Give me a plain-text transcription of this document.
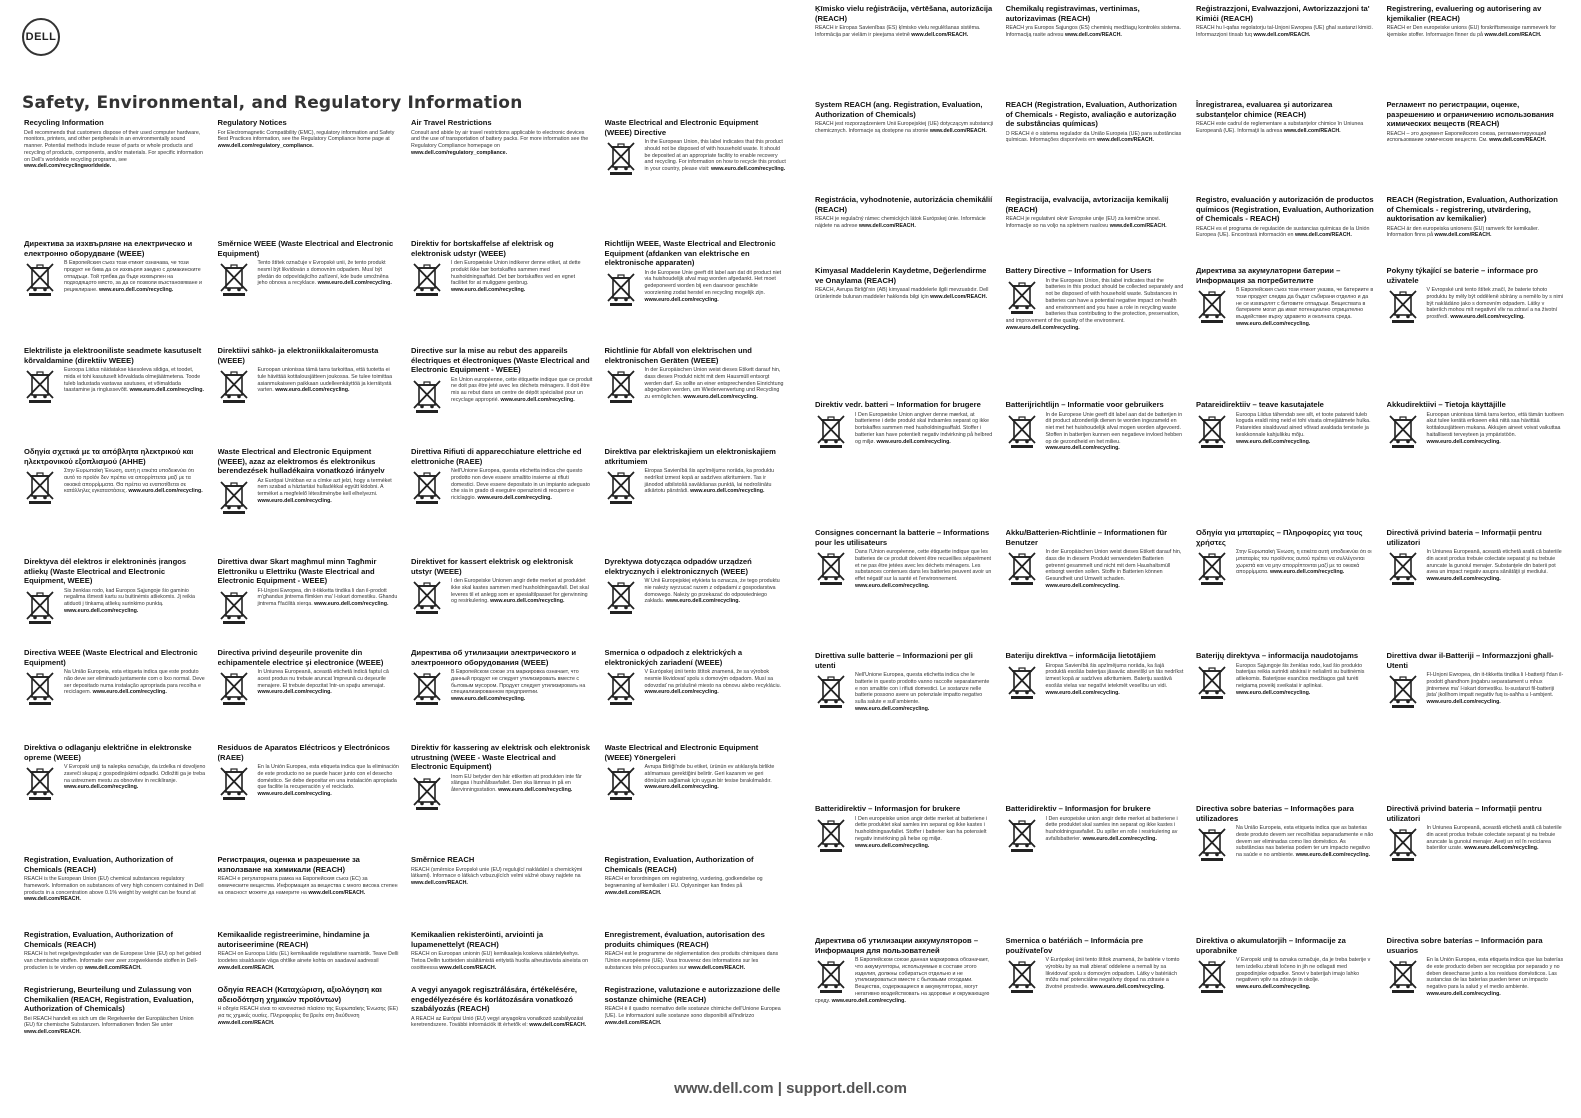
DELL
Safety, Environmental, and Regulatory Information
Recycling Information

Dell recommends that customers dispose of their used computer hardware, monitors, printers, and other peripherals in an environmentally sound manner. Potential methods include reuse of parts or whole products and recycling of products, components, and/or materials. For specific information on Dell's worldwide recycling programs, see www.dell.com/recyclingworldwide.

Regulatory Notices

For Electromagnetic Compatibility (EMC), regulatory information and Safety Best Practices information, see the Regulatory Compliance home page at www.dell.com/regulatory_compliance.

Air Travel Restrictions

Consult and abide by air travel restrictions applicable to electronic devices and the use of transportation of battery packs. For more information see the Regulatory Compliance homepage on www.dell.com/regulatory_compliance.

Waste Electrical and Electronic Equipment (WEEE) Directive

In the European Union, this label indicates that this product should not be disposed of with household waste. It should be deposited at an appropriate facility to enable recovery and recycling. For information on how to recycle this product in your country, please visit: www.euro.dell.com/recycling.

Директива за изхвърляне на електрическо и електронно оборудване (WEEE)

В Европейския съюз този етикет означава, че този продукт не бива да се изхвърля заедно с домакинските отпадъци. Той трябва да бъде изхвърлен на подходящото място, за да се позволи възстановяване и рециклиране. www.euro.dell.com/recycling.

Směrnice WEEE (Waste Electrical and Electronic Equipment)

Tento štítek označuje v Evropské unii, že tento produkt nesmí být likvidován s domovním odpadem. Musí být předán do odpovídajícího zařízení, kde bude umožněna jeho obnova a recyklace. www.euro.dell.com/recycling.

Direktiv for bortskaffelse af elektrisk og elektronisk udstyr (WEEE)

I den Europæiske Union indikerer denne etiket, at dette produkt ikke bør bortskaffes sammen med husholdningsaffald. Det bør bortskaffes ved en egnet facilitet for at muliggøre genbrug. www.euro.dell.com/recycling.

Richtlijn WEEE, Waste Electrical and Electronic Equipment (afdanken van elektrische en elektronische apparaten)

In de Europese Unie geeft dit label aan dat dit product niet via huishoudelijk afval mag worden afgedankt. Het moet gedeponeerd worden bij een daarvoor geschikte voorziening zodat herstel en recycling mogelijk zijn. www.euro.dell.com/recycling.

Elektriliste ja elektrooniliste seadmete kasutuselt kõrvaldamine (direktiiv WEEE)

Euroopa Liidus näidatakse käesoleva sildiga, et toodet, mida ei tohi kasutuselt kõrvaldada olmejäätmetena. Toode tuleb ladustada vastavas asutuses, et võimaldada taastamine ja ringlussevõtt. www.euro.dell.com/recycling.

Direktiivi sähkö- ja elektroniikkalaiteromusta (WEEE)

Euroopan unionissa tämä tarra tarkoittaa, että tuotetta ei tule hävittää kotitalousjätteen joukossa. Se tulee toimittaa asianmukaiseen paikkaan uudelleenkäyttöä ja kierrätystä varten. www.euro.dell.com/recycling.

Directive sur la mise au rebut des appareils électriques et électroniques (Waste Electrical and Electronic Equipment - WEEE)

En Union européenne, cette étiquette indique que ce produit ne doit pas être jeté avec les déchets ménagers. Il doit être mis au rebut dans un centre de dépôt spécialisé pour un recyclage approprié. www.euro.dell.com/recycling.

Richtlinie für Abfall von elektrischen und elektronischen Geräten (WEEE)

In der Europäischen Union weist dieses Etikett darauf hin, dass dieses Produkt nicht mit dem Hausmüll entsorgt werden darf. Es sollte an einer entsprechenden Einrichtung abgegeben werden, um Wiederverwertung und Recycling zu ermöglichen. www.euro.dell.com/recycling.

Οδηγία σχετικά με τα απόβλητα ηλεκτρικού και ηλεκτρονικού εξοπλισμού (ΑΗΗΕ)

Στην Ευρωπαϊκή Ένωση, αυτή η ετικέτα υποδεικνύει ότι αυτό το προϊόν δεν πρέπει να απορρίπτεται μαζί με τα οικιακά απορρίμματα. Θα πρέπει να εναποτίθεται σε κατάλληλες εγκαταστάσεις. www.euro.dell.com/recycling.

Waste Electrical and Electronic Equipment (WEEE), azaz az elektromos és elektronikus berendezések hulladékaira vonatkozó irányelv

Az Európai Unióban ez a címke azt jelzi, hogy a terméket nem szabad a háztartási hulladékkal együtt kidobni. A terméket a megfelelő létesítménybe kell elhelyezni. www.euro.dell.com/recycling.

Direttiva Rifiuti di apparecchiature elettriche ed elettroniche (RAEE)

Nell'Unione Europea, questa etichetta indica che questo prodotto non deve essere smaltito insieme ai rifiuti domestici. Deve essere depositato in un impianto adeguato che sia in grado di eseguire operazioni di recupero e riciclaggio. www.euro.dell.com/recycling.

Direktīva par elektriskajiem un elektroniskajiem atkritumiem

Eiropas Savienībā šis apzīmējums norāda, ka produktu nedrīkst izmest kopā ar sadzīves atkritumiem. Tas ir jānodod atbilstošā savākšanas punktā, lai nodrošinātu atkārtotu pārstrādi. www.euro.dell.com/recycling.

Direktyva dėl elektros ir elektroninės įrangos atliekų (Waste Electrical and Electronic Equipment, WEEE)

Šis ženklas rodo, kad Europos Sąjungoje šio gaminio negalima išmesti kartu su buitinėmis atliekomis. Jį reikia atiduoti į tinkamą atliekų surinkimo punktą. www.euro.dell.com/recycling.

Direttiva dwar Skart magħmul minn Tagħmir Elettroniku u Elettriku (Waste Electrical and Electronic Equipment - WEEE)

Fl-Unjoni Ewropea, din it-tikketta tindika li dan il-prodott m'għandux jintrema flimkien ma' l-iskart domestiku. Għandu jintrema f'faċilità xierqa. www.euro.dell.com/recycling.

Direktivet for kassert elektrisk og elektronisk utstyr (WEEE)

I den Europeiske Unionen angir dette merket at produktet ikke skal kastes sammen med husholdningsavfall. Det skal leveres til et anlegg som er spesialtilpasset for gjenvinning og resirkulering. www.euro.dell.com/recycling.

Dyrektywa dotycząca odpadów urządzeń elektrycznych i elektronicznych (WEEE)

W Unii Europejskiej etykieta ta oznacza, że tego produktu nie należy wyrzucać razem z odpadami z gospodarstwa domowego. Należy go przekazać do odpowiedniego zakładu. www.euro.dell.com/recycling.

Directiva WEEE (Waste Electrical and Electronic Equipment)

Na União Europeia, esta etiqueta indica que este produto não deve ser eliminado juntamente com o lixo normal. Deve ser depositado numa instalação apropriada para recolha e reciclagem. www.euro.dell.com/recycling.

Directiva privind deşeurile provenite din echipamentele electrice şi electronice (WEEE)

În Uniunea Europeană, această etichetă indică faptul că acest produs nu trebuie aruncat împreună cu deşeurile menajere. El trebuie depozitat într-un spaţiu amenajat. www.euro.dell.com/recycling.

Директива об утилизации электрического и электронного оборудования (WEEE)

В Европейском союзе эта маркировка означает, что данный продукт не следует утилизировать вместе с бытовым мусором. Продукт следует утилизировать на специализированном предприятии. www.euro.dell.com/recycling.

Smernica o odpadoch z elektrických a elektronických zariadení (WEEE)

V Európskej únii tento štítok znamená, že sa výrobok nesmie likvidovať spolu s domovým odpadom. Musí sa odovzdať na príslušné miesto na obnovu alebo recykláciu. www.euro.dell.com/recycling.

Direktiva o odlaganju električne in elektronske opreme (WEEE)

V Evropski uniji ta nalepka označuje, da izdelka ni dovoljeno zavreči skupaj z gospodinjskimi odpadki. Odložiti ga je treba na ustreznem mestu za obnovitev in recikliranje. www.euro.dell.com/recycling.

Residuos de Aparatos Eléctricos y Electrónicos (RAEE)

En la Unión Europea, esta etiqueta indica que la eliminación de este producto no se puede hacer junto con el desecho doméstico. Se debe depositar en una instalación apropiada que facilite la recuperación y el reciclado. www.euro.dell.com/recycling.

Direktiv för kassering av elektrisk och elektronisk utrustning (WEEE - Waste Electrical and Electronic Equipment)

Inom EU betyder den här etiketten att produkten inte får slängas i hushållsavfallet. Den ska lämnas in på en återvinningsstation. www.euro.dell.com/recycling.

Waste Electrical and Electronic Equipment (WEEE) Yönergeleri

Avrupa Birliği'nde bu etiket, ürünün ev atıklarıyla birlikte atılmaması gerektiğini belirtir. Geri kazanım ve geri dönüşüm sağlamak için uygun bir tesise bırakılmalıdır. www.euro.dell.com/recycling.

Registration, Evaluation, Authorization of Chemicals (REACH)

REACH is the European Union (EU) chemical substances regulatory framework. Information on substances of very high concern contained in Dell products in a concentration above 0.1% weight by weight can be found at www.dell.com/REACH.

Регистрация, оценка и разрешение за използване на химикали (REACH)

REACH е регулаторната рамка на Европейския съюз (ЕС) за химическите вещества. Информация за вещества с много висока степен на опасност можете да намерите на www.dell.com/REACH.

Směrnice REACH

REACH (směrnice Evropské unie (EU) regulující nakládání s chemickými látkami). Informace o látkách vzbuzujících velmi vážné obavy najdete na www.dell.com/REACH.

Registration, Evaluation, Authorization of Chemicals (REACH)

REACH er forordningen om registrering, vurdering, godkendelse og begrænsning af kemikalier i EU. Oplysninger kan findes på www.dell.com/REACH.

Registration, Evaluation, Authorization of Chemicals (REACH)

REACH is het regelgevingskader van de Europese Unie (EU) op het gebied van chemische stoffen. Informatie over zeer zorgwekkende stoffen in Dell-producten is te vinden op www.dell.com/REACH.

Kemikaalide registreerimine, hindamine ja autoriseerimine (REACH)

REACH on Euroopa Liidu (EL) kemikaalide regulatiivne raamistik. Teave Delli toodetes sisalduvate väga ohtlike ainete kohta on saadaval aadressil www.dell.com/REACH.

Kemikaalien rekisteröinti, arviointi ja lupamenettelyt (REACH)

REACH on Euroopan unionin (EU) kemikaaleja koskeva sääntelykehys. Tietoa Dellin tuotteiden sisältämistä erityistä huolta aiheuttavista aineista on osoitteessa www.dell.com/REACH.

Enregistrement, évaluation, autorisation des produits chimiques (REACH)

REACH est le programme de réglementation des produits chimiques dans l'Union européenne (UE). Vous trouverez des informations sur les substances très préoccupantes sur www.dell.com/REACH.

Registrierung, Beurteilung und Zulassung von Chemikalien (REACH, Registration, Evaluation, Authorization of Chemicals)

Bei REACH handelt es sich um die Regelwerke der Europäischen Union (EU) für chemische Substanzen. Informationen finden Sie unter www.dell.com/REACH.

Οδηγία REACH (Καταχώριση, αξιολόγηση και αδειοδότηση χημικών προϊόντων)

Η οδηγία REACH είναι το κανονιστικό πλαίσιο της Ευρωπαϊκής Ένωσης (ΕΕ) για τις χημικές ουσίες. Πληροφορίες θα βρείτε στη διεύθυνση www.dell.com/REACH.

A vegyi anyagok regisztrálására, értékelésére, engedélyezésére és korlátozására vonatkozó szabályozás (REACH)

A REACH az Európai Unió (EU) vegyi anyagokra vonatkozó szabályozási keretrendszere. További információk itt érhetők el: www.dell.com/REACH.

Registrazione, valutazione e autorizzazione delle sostanze chimiche (REACH)

REACH è il quadro normativo delle sostanze chimiche dell'Unione Europea (UE). Le informazioni sulle sostanze sono disponibili all'indirizzo www.dell.com/REACH.

Ķīmisko vielu reģistrācija, vērtēšana, autorizācija (REACH)

REACH ir Eiropas Savienības (ES) ķīmisko vielu regulēšanas sistēma. Informācija par vielām ir pieejama vietnē www.dell.com/REACH.

Chemikalų registravimas, vertinimas, autorizavimas (REACH)

REACH yra Europos Sąjungos (ES) cheminių medžiagų kontrolės sistema. Informaciją rasite adresu www.dell.com/REACH.

Reġistrazzjoni, Evalwazzjoni, Awtorizzazzjoni ta' Kimiċi (REACH)

REACH hu l-qafas regolatorju tal-Unjoni Ewropea (UE) għal sustanzi kimiċi. Informazzjoni tinsab fuq www.dell.com/REACH.

Registrering, evaluering og autorisering av kjemikalier (REACH)

REACH er Den europeiske unions (EU) forskriftsmessige rammeverk for kjemiske stoffer. Informasjon finner du på www.dell.com/REACH.

System REACH (ang. Registration, Evaluation, Authorization of Chemicals)

REACH jest rozporządzeniem Unii Europejskiej (UE) dotyczącym substancji chemicznych. Informacje są dostępne na stronie www.dell.com/REACH.

REACH (Registration, Evaluation, Authorization of Chemicals - Registo, avaliação e autorização de substâncias químicas)

O REACH é o sistema regulador da União Europeia (UE) para substâncias químicas. Informações disponíveis em www.dell.com/REACH.

Înregistrarea, evaluarea şi autorizarea substanţelor chimice (REACH)

REACH este cadrul de reglementare a substanţelor chimice în Uniunea Europeană (UE). Informaţii la adresa www.dell.com/REACH.

Регламент по регистрации, оценке, разрешению и ограничению использования химических веществ (REACH)

REACH – это документ Европейского союза, регламентирующий использование химических веществ. См. www.dell.com/REACH.

Registrácia, vyhodnotenie, autorizácia chemikálií (REACH)

REACH je regulačný rámec chemických látok Európskej únie. Informácie nájdete na adrese www.dell.com/REACH.

Registracija, evalvacija, avtorizacija kemikalij (REACH)

REACH je regulativni okvir Evropske unije (EU) za kemične snovi. Informacije so na voljo na spletnem naslovu www.dell.com/REACH.

Registro, evaluación y autorización de productos químicos (Registration, Evaluation, Authorization of Chemicals - REACH)

REACH es el programa de regulación de sustancias químicas de la Unión Europea (UE). Encontrará información en www.dell.com/REACH.

REACH (Registration, Evaluation, Authorization of Chemicals - registrering, utvärdering, auktorisation av kemikalier)

REACH är den europeiska unionens (EU) ramverk för kemikalier. Information finns på www.dell.com/REACH.

Kimyasal Maddelerin Kaydetme, Değerlendirme ve Onaylama (REACH)

REACH, Avrupa Birliği'nin (AB) kimyasal maddelerle ilgili mevzuatıdır. Dell ürünlerinde bulunan maddeler hakkında bilgi için www.dell.com/REACH.

Battery Directive – Information for Users

In the European Union, this label indicates that the batteries in this product should be collected separately and not be disposed of with household waste. Substances in batteries can have a potential negative impact on health and environment and you have a role in recycling waste batteries thus contributing to the protection, preservation, and improvement of the quality of the environment. www.euro.dell.com/recycling.

Директива за акумулаторни батерии – Информация за потребителите

В Европейския съюз този етикет указва, че батериите в този продукт следва да бъдат събирани отделно и да не се изхвърлят с битовите отпадъци. Веществата в батериите могат да имат потенциално отрицателно въздействие върху здравето и околната среда. www.euro.dell.com/recycling.

Pokyny týkající se baterie – informace pro uživatele

V Evropské unii tento štítek značí, že baterie tohoto produktu by měly být odděleně sbírány a nemělo by s nimi být nakládáno jako s domovním odpadem. Látky v bateriích mohou mít negativní vliv na zdraví a na životní prostředí. www.euro.dell.com/recycling.

Direktiv vedr. batteri – Information for brugere

I Den Europæiske Union angiver denne mærkat, at batterierne i dette produkt skal indsamles separat og ikke bortskaffes sammen med husholdningsaffald. Stoffer i batterier kan have potentielt negativ indvirkning på helbred og miljø. www.euro.dell.com/recycling.

Batterijrichtlijn – Informatie voor gebruikers

In de Europese Unie geeft dit label aan dat de batterijen in dit product afzonderlijk dienen te worden ingezameld en niet met het huishoudelijk afval mogen worden afgevoerd. Stoffen in batterijen kunnen een negatieve invloed hebben op de gezondheid en het milieu. www.euro.dell.com/recycling.

Patareidirektiiv – teave kasutajatele

Euroopa Liidus tähendab see silt, et toote patareid tuleb koguda eraldi ning neid ei tohi visata olmejäätmete hulka. Patareides sisalduvad ained võivad avaldada tervisele ja keskkonnale kahjulikku mõju. www.euro.dell.com/recycling.

Akkudirektiivi – Tietoja käyttäjille

Euroopan unionissa tämä tarra kertoo, että tämän tuotteen akut tulee kerätä erikseen eikä niitä saa hävittää kotitalousjätteen mukana. Akkujen aineet voivat vaikuttaa haitallisesti terveyteen ja ympäristöön. www.euro.dell.com/recycling.

Consignes concernant la batterie – Informations pour les utilisateurs

Dans l'Union européenne, cette étiquette indique que les batteries de ce produit doivent être recueillies séparément et ne pas être jetées avec les déchets ménagers. Les substances contenues dans les batteries peuvent avoir un effet négatif sur la santé et l'environnement. www.euro.dell.com/recycling.

Akku/Batterien-Richtlinie – Informationen für Benutzer

In der Europäischen Union weist dieses Etikett darauf hin, dass die in diesem Produkt verwendeten Batterien getrennt gesammelt und nicht mit dem Haushaltsmüll entsorgt werden sollen. Stoffe in Batterien können Gesundheit und Umwelt schaden. www.euro.dell.com/recycling.

Οδηγία για μπαταρίες – Πληροφορίες για τους χρήστες

Στην Ευρωπαϊκή Ένωση, η ετικέτα αυτή υποδεικνύει ότι οι μπαταρίες του προϊόντος αυτού πρέπει να συλλέγονται χωριστά και να μην απορρίπτονται μαζί με τα οικιακά απορρίμματα. www.euro.dell.com/recycling.

Directivă privind bateria – Informaţii pentru utilizatori

În Uniunea Europeană, această etichetă arată că bateriile din acest produs trebuie colectate separat şi nu trebuie aruncate la gunoiul menajer. Substanţele din baterii pot avea un impact negativ asupra sănătăţii şi mediului. www.euro.dell.com/recycling.

Direttiva sulle batterie – Informazioni per gli utenti

Nell'Unione Europea, questa etichetta indica che le batterie in questo prodotto vanno raccolte separatamente e non smaltite con i rifiuti domestici. Le sostanze nelle batterie possono avere un potenziale impatto negativo sulla salute e sull'ambiente. www.euro.dell.com/recycling.

Bateriju direktīva – informācija lietotājiem

Eiropas Savienībā šis apzīmējums norāda, ka šajā produktā esošās baterijas jāsavāc atsevišķi un tās nedrīkst izmest kopā ar sadzīves atkritumiem. Bateriju sastāvā esošās vielas var negatīvi ietekmēt veselību un vidi. www.euro.dell.com/recycling.

Baterijų direktyva – informacija naudotojams

Europos Sąjungoje šis ženklas rodo, kad šio produkto baterijas reikia surinkti atskirai ir nešalinti su buitinėmis atliekomis. Baterijose esančios medžiagos gali turėti neigiamą poveikį sveikatai ir aplinkai. www.euro.dell.com/recycling.

Direttiva dwar il-Batteriji – Informazzjoni għall-Utenti

Fl-Unjoni Ewropea, din it-tikketta tindika li l-batteriji f'dan il-prodott għandhom jinġabru separatament u mhux jintremew ma' l-iskart domestiku. Is-sustanzi fil-batteriji jista' jkollhom impatt negattiv fuq is-saħħa u l-ambjent. www.euro.dell.com/recycling.

Batteridirektiv – Informasjon for brukere

I Den europeiske union angir dette merket at batteriene i dette produktet skal samles inn separat og ikke kastes i husholdningsavfallet. Stoffer i batterier kan ha potensielt negativ innvirkning på helse og miljø. www.euro.dell.com/recycling.

Batteridirektiv – Informasjon for brukere

I Den europeiske union angir dette merket at batteriene i dette produktet skal samles inn separat og ikke kastes i husholdningsavfallet. Du spiller en rolle i resirkulering av avfallsbatterier. www.euro.dell.com/recycling.

Directiva sobre baterias – Informações para utilizadores

Na União Europeia, esta etiqueta indica que as baterias deste produto devem ser recolhidas separadamente e não devem ser eliminadas como lixo doméstico. As substâncias nas baterias podem ter um impacto negativo na saúde e no ambiente. www.euro.dell.com/recycling.

Directivă privind bateria – Informaţii pentru utilizatori

În Uniunea Europeană, această etichetă arată că bateriile din acest produs trebuie colectate separat şi nu trebuie aruncate la gunoiul menajer. Aveţi un rol în reciclarea bateriilor uzate. www.euro.dell.com/recycling.

Директива об утилизации аккумуляторов – Информация для пользователей

В Европейском союзе данная маркировка обозначает, что аккумуляторы, используемые в составе этого изделия, должны собираться отдельно и не утилизироваться вместе с бытовыми отходами. Вещества, содержащиеся в аккумуляторах, могут негативно воздействовать на здоровье и окружающую среду. www.euro.dell.com/recycling.

Smernica o batériách – Informácia pre používateľov

V Európskej únii tento štítok znamená, že batérie v tomto výrobku by sa mali zbierať oddelene a nemali by sa likvidovať spolu s domovým odpadom. Látky v batériách môžu mať potenciálne negatívny dopad na zdravie a životné prostredie. www.euro.dell.com/recycling.

Direktiva o akumulatorjih – Informacije za uporabnike

V Evropski uniji ta oznaka označuje, da je treba baterije v tem izdelku zbirati ločeno in jih ne odlagati med gospodinjske odpadke. Snovi v baterijah imajo lahko negativen vpliv na zdravje in okolje. www.euro.dell.com/recycling.

Directiva sobre baterías – Información para usuarios

En la Unión Europea, esta etiqueta indica que las baterías de este producto deben ser recogidas por separado y no deben desecharse junto a los residuos domésticos. Las sustancias de las baterías pueden tener un impacto negativo para la salud y el medio ambiente. www.euro.dell.com/recycling.

www.dell.com | support.dell.com
